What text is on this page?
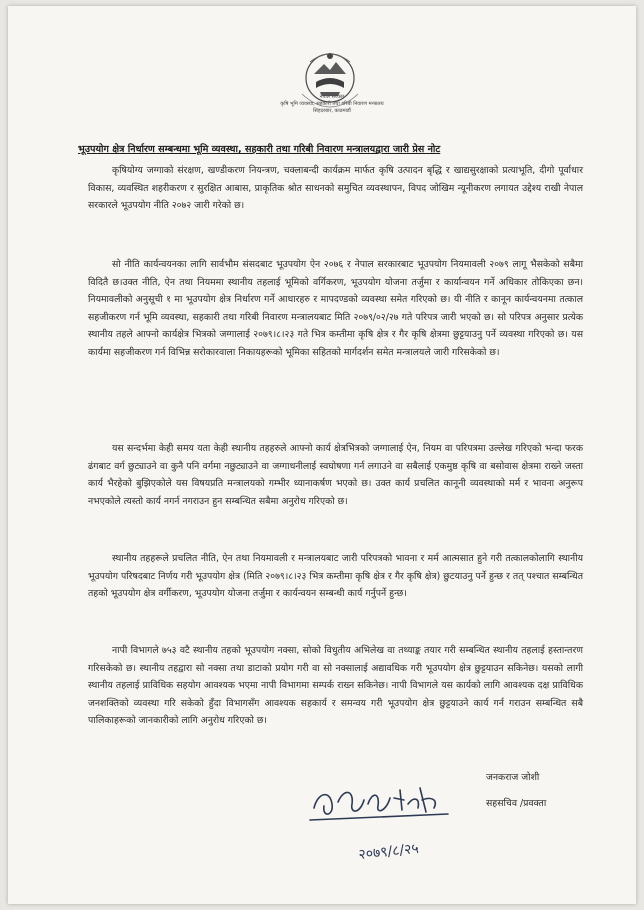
नेपाल सरकार
कृषि भूमि व्यवस्था, सहकारी तथा गरिबी निवारण मन्त्रालय
सिंहदरबार, काठमाडौं
भूउपयोग क्षेत्र निर्धारण सम्बन्धमा भूमि व्यवस्था, सहकारी तथा गरिबी निवारण मन्त्रालयद्वारा जारी प्रेस नोट

कृषियोग्य जग्गाको संरक्षण, खण्डीकरण नियन्त्रण, चक्लाबन्दी कार्यक्रम मार्फत कृषि उत्पादन बृद्धि र खाद्यसुरक्षाको प्रत्याभूति, दीगो पूर्वाधार विकास, व्यवस्थित शहरीकरण र सुरक्षित आबास, प्राकृतिक श्रोत साधनको समुचित व्यवस्थापन, विपद जोखिम न्यूनीकरण लगायत उद्देश्य राखी नेपाल सरकारले भूउपयोग नीति २०७२ जारी गरेको छ।

सो नीति कार्यन्वयनका लागि सार्वभौम संसदबाट भूउपयोग ऐन २०७६ र नेपाल सरकारबाट भूउपयोग नियमावली २०७९ लागू भैसकेको सबैमा विदितै छ।उक्त नीति, ऐन तथा नियममा स्थानीय तहलाई भूमिको वर्गिकरण, भूउपयोग योजना तर्जुमा र कार्यान्वयन गर्ने अधिकार तोकिएका छन।नियमावलीको अनुसूची १ मा भूउपयोग क्षेत्र निर्धारण गर्ने आधारहरु र मापदण्डको व्यवस्था समेत गरिएको छ। यी नीति र कानून कार्यन्वयनमा तत्काल सहजीकरण गर्न भूमि व्यवस्था, सहकारी तथा गरिबी निवारण मन्त्रालयबाट मिति २०७९/०२/२७ गते परिपत्र जारी भएको छ। सो परिपत्र अनुसार प्रत्येक स्थानीय तहले आफ्नो कार्यक्षेत्र भित्रको जग्गालाई २०७९।८।२३ गते भित्र कम्तीमा कृषि क्षेत्र र गैर कृषि क्षेत्रमा छुट्टयाउनु पर्ने व्यवस्था गरिएको छ। यस कार्यमा सहजीकरण गर्न विभिन्न सरोकारवाला निकायहरूको भूमिका सहितको मार्गदर्शन समेत मन्त्रालयले जारी गरिसकेको छ।

यस सन्दर्भमा केही समय यता केही स्थानीय तहहरुले आफ्नो कार्य क्षेत्रभित्रको जग्गालाई ऐन, नियम वा परिपत्रमा उल्लेख गरिएको भन्दा फरक ढंगबाट वर्ग छुट्याउने वा कुनै पनि वर्गमा नछुट्याउने वा जग्गाधनीलाई स्वघोषणा गर्न लगाउने वा सबैलाई एकमुष्ठ कृषि वा बसोवास क्षेत्रमा राख्ने जस्ता कार्य भैरहेको बुझिएकोले यस विषयप्रति मन्त्रालयको गम्भीर ध्यानाकर्षण भएको छ। उक्त कार्य प्रचलित कानूनी व्यवस्थाको मर्म र भावना अनुरूप नभएकोले त्यस्तो कार्य नगर्न नगराउन हुन सम्बन्धित सबैमा अनुरोध गरिएको छ।

स्थानीय तहहरूले प्रचलित नीति, ऐन तथा नियमावली र मन्त्रालयबाट जारी परिपत्रको भावना र मर्म आत्मसात हुने गरी तत्कालकोलागि स्थानीय भूउपयोग परिषदबाट निर्णय गरी भूउपयोग क्षेत्र (मिति २०७९।८।२३ भित्र कम्तीमा कृषि क्षेत्र र गैर कृषि क्षेत्र) छुटयाउनु पर्ने हुन्छ र तत् पश्चात सम्बन्धित तहको भूउपयोग क्षेत्र वर्गीकरण, भूउपयोग योजना तर्जुमा र कार्यन्वयन सम्बन्धी कार्य गर्नुपर्ने हुन्छ।

नापी विभागले ७५३ वटै स्थानीय तहको भूउपयोग नक्सा, सोको विधुतीय अभिलेख वा तथ्याङ्क तयार गरी सम्बन्धित स्थानीय तहलाई हस्तान्तरण गरिसकेको छ। स्थानीय तहद्वारा सो नक्सा तथा डाटाको प्रयोग गरी वा सो नक्सालाई अद्यावधिक गरी भूउपयोग क्षेत्र छुट्टयाउन सकिनेछ। यसको लागी स्थानीय तहलाई प्राविधिक सहयोग आवश्यक भएमा नापी विभागमा सम्पर्क राख्न सकिनेछ। नापी विभागले यस कार्यको लागि आवश्यक दक्ष प्राविधिक जनशक्तिको व्यवस्था गरि सकेको हुँदा विभागसँग आवश्यक सहकार्य र समन्वय गरी भूउपयोग क्षेत्र छुट्टयाउने कार्य गर्न गराउन सम्बन्धित सबै पालिकाहरूको जानकारीको लागि अनुरोध गरिएको छ।

जनकराज जोशी
सहसचिव /प्रवक्ता
२०७९/८/२५
